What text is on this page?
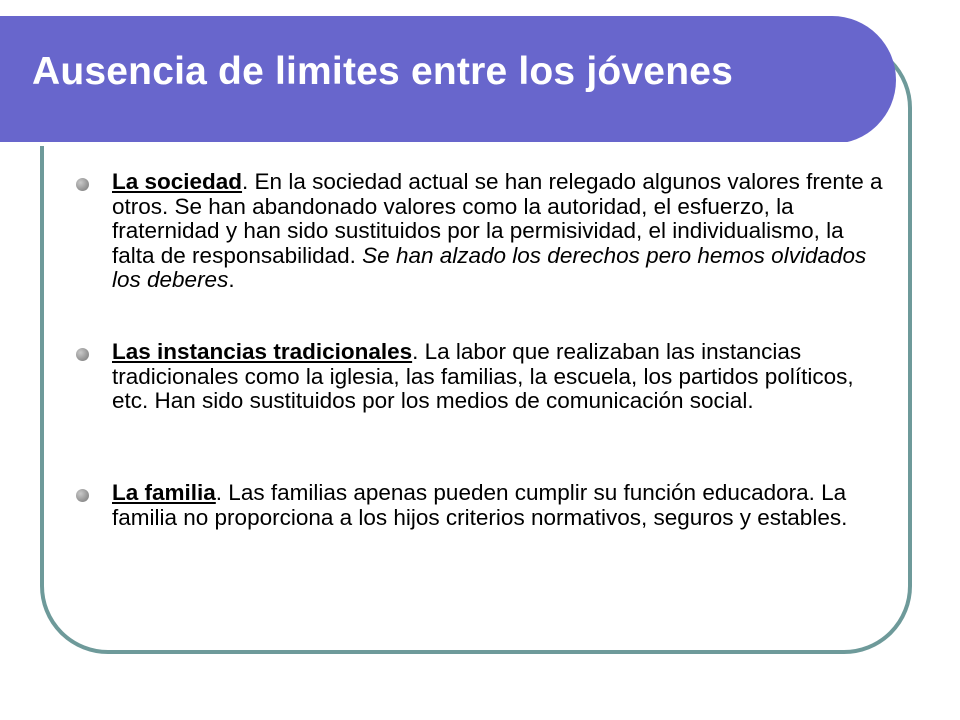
Ausencia de limites entre los jóvenes
La sociedad. En la sociedad actual se han relegado algunos valores frente a otros. Se han abandonado valores como la autoridad, el esfuerzo, la fraternidad y han sido sustituidos por la permisividad, el individualismo, la falta de responsabilidad. Se han alzado los derechos pero hemos olvidados los deberes.
Las instancias tradicionales. La labor que realizaban las instancias tradicionales como la iglesia, las familias, la escuela, los partidos políticos, etc. Han sido sustituidos por los medios de comunicación social.
La familia. Las familias apenas pueden cumplir su función educadora. La familia no proporciona a los hijos criterios normativos, seguros y estables.
